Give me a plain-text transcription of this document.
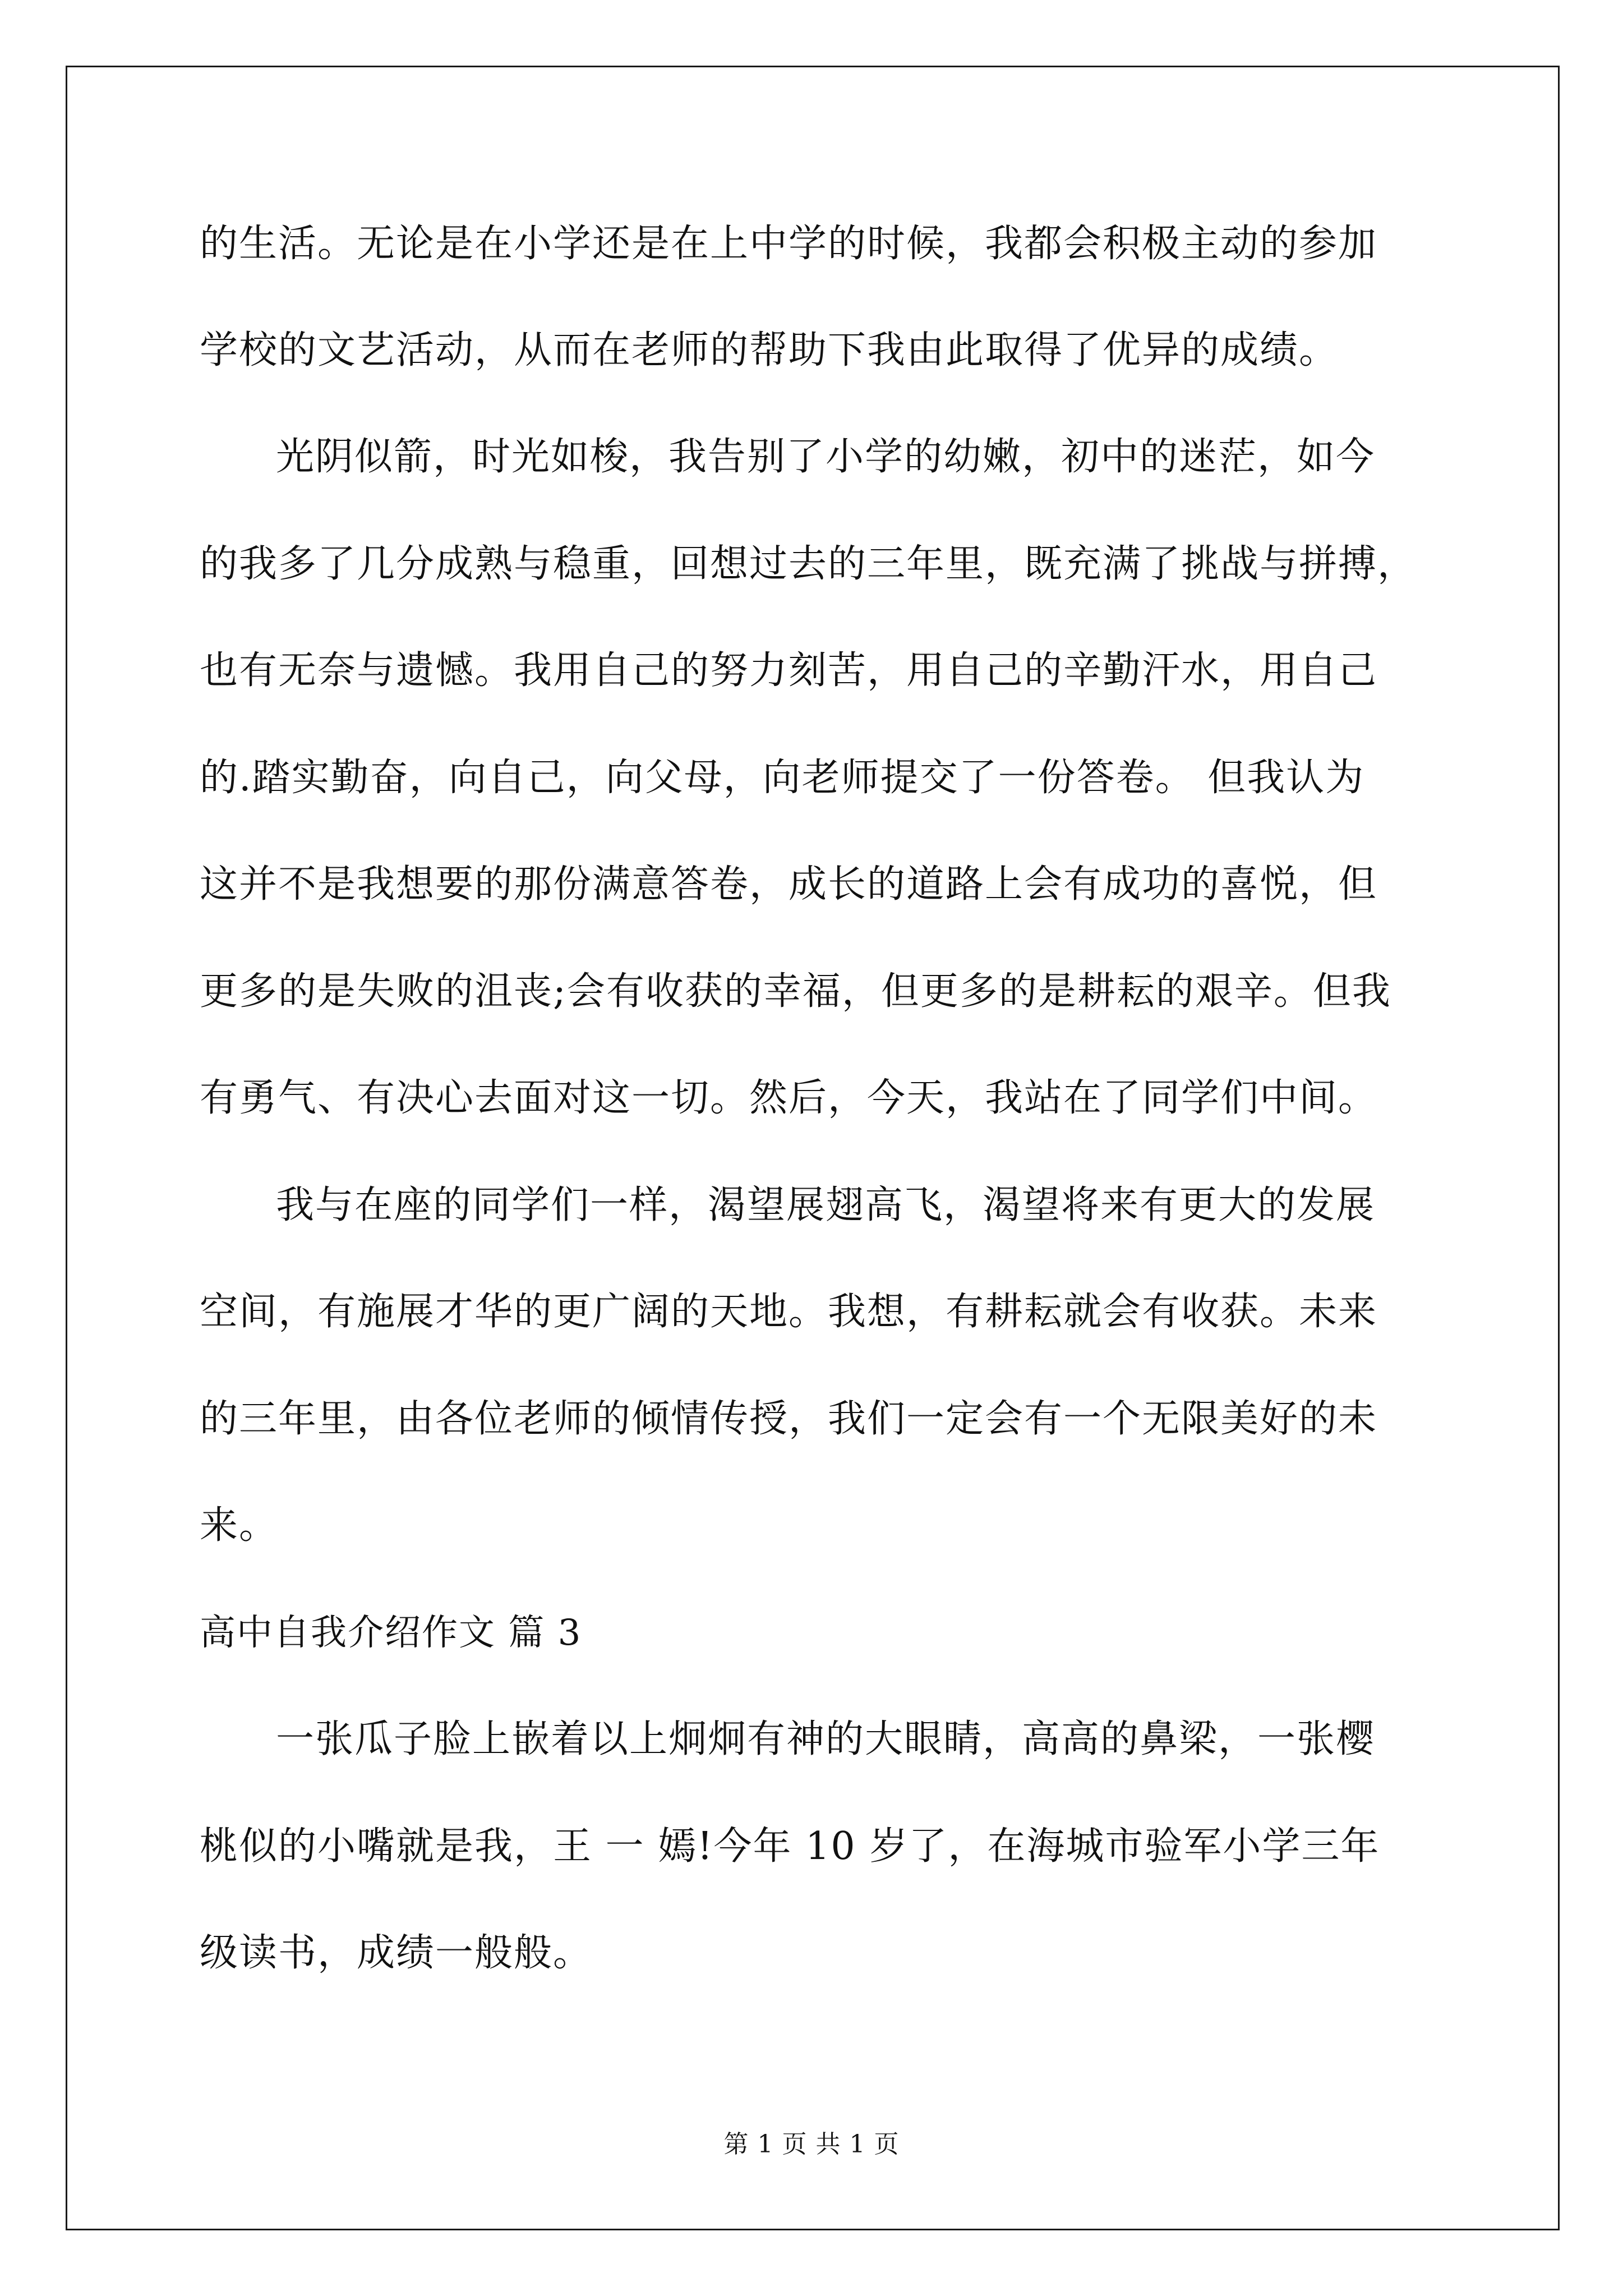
的生活。无论是在小学还是在上中学的时候，我都会积极主动的参加
学校的文艺活动，从而在老师的帮助下我由此取得了优异的成绩。
光阴似箭，时光如梭，我告别了小学的幼嫩，初中的迷茫，如今
的我多了几分成熟与稳重，回想过去的三年里，既充满了挑战与拼搏，
也有无奈与遗憾。我用自己的努力刻苦，用自己的辛勤汗水，用自己
的.踏实勤奋，向自己，向父母，向老师提交了一份答卷。 但我认为
这并不是我想要的那份满意答卷，成长的道路上会有成功的喜悦，但
更多的是失败的沮丧;会有收获的幸福，但更多的是耕耘的艰辛。但我
有勇气、有决心去面对这一切。然后，今天，我站在了同学们中间。
我与在座的同学们一样，渴望展翅高飞，渴望将来有更大的发展
空间，有施展才华的更广阔的天地。我想，有耕耘就会有收获。未来
的三年里，由各位老师的倾情传授，我们一定会有一个无限美好的未
来。
高中自我介绍作文 篇 3
一张瓜子脸上嵌着以上炯炯有神的大眼睛，高高的鼻梁，一张樱
桃似的小嘴就是我，王 一 嫣!今年 10 岁了，在海城市验军小学三年
级读书，成绩一般般。
第 1 页 共 1 页
